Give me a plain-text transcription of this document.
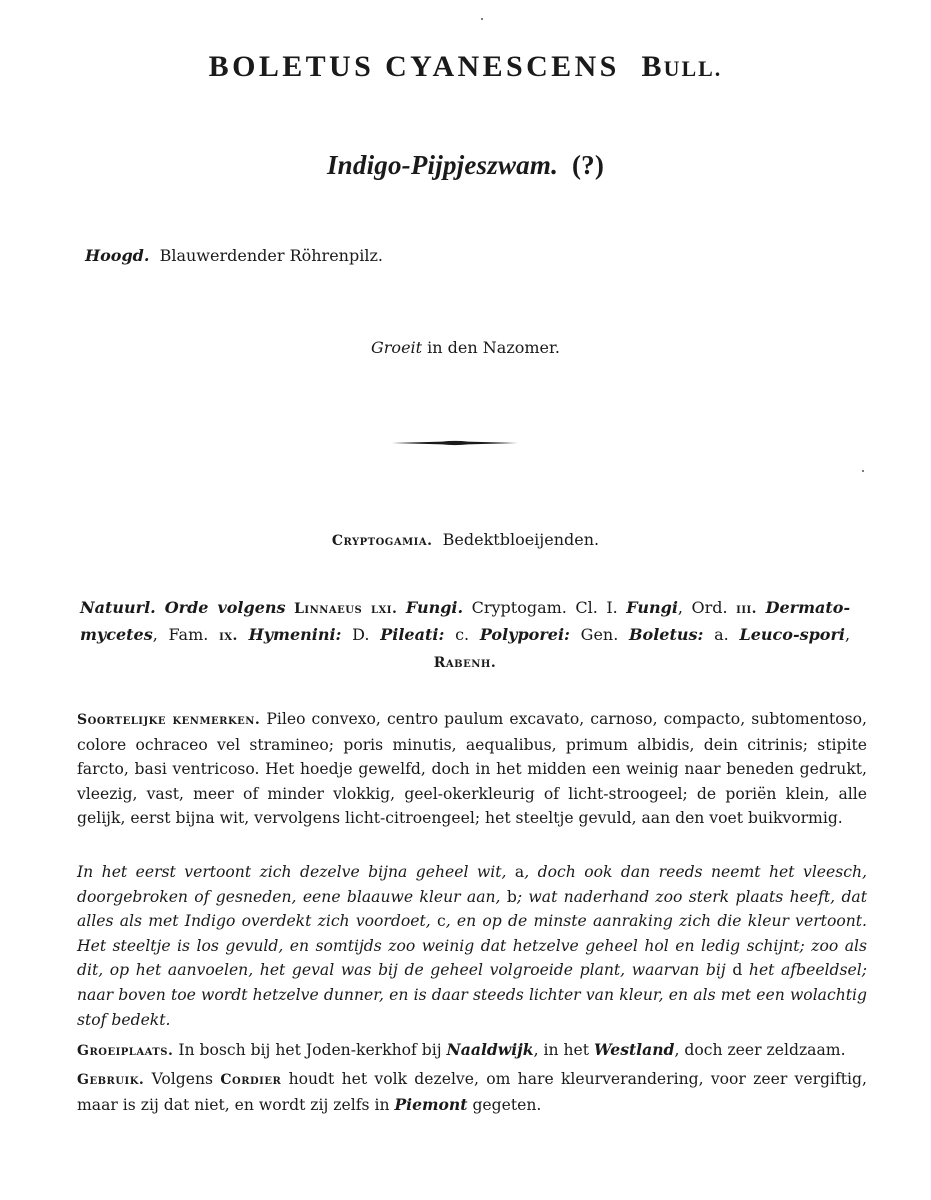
BOLETUS CYANESCENS BULL.
Indigo-Pijpjeszwam. (?)
Hoogd. Blauwerdender Röhrenpilz.
Groeit in den Nazomer.
Cryptogamia. Bedektbloeijenden.
Natuurl. Orde volgens Linnaeus lxi. Fungi. Cryptogam. Cl. I. Fungi, Ord. iii. Dermato-mycetes, Fam. ix. Hymenini: D. Pileati: c. Polyporei: Gen. Boletus: a. Leuco-spori, Rabenh.
Soortelijke kenmerken. Pileo convexo, centro paulum excavato, carnoso, compacto, subtomentoso, colore ochraceo vel stramineo; poris minutis, aequalibus, primum albidis, dein citrinis; stipite farcto, basi ventricoso. Het hoedje gewelfd, doch in het midden een weinig naar beneden gedrukt, vleezig, vast, meer of minder vlokkig, geel-okerkleurig of licht-stroogeel; de poriën klein, alle gelijk, eerst bijna wit, vervolgens licht-citroengeel; het steeltje gevuld, aan den voet buikvormig.
In het eerst vertoont zich dezelve bijna geheel wit, a, doch ook dan reeds neemt het vleesch, doorgebroken of gesneden, eene blaauwe kleur aan, b; wat naderhand zoo sterk plaats heeft, dat alles als met Indigo overdekt zich voordoet, c, en op de minste aanraking zich die kleur vertoont. Het steeltje is los gevuld, en somtijds zoo weinig dat hetzelve geheel hol en ledig schijnt; zoo als dit, op het aanvoelen, het geval was bij de geheel volgroeide plant, waarvan bij d het afbeeldsel; naar boven toe wordt hetzelve dunner, en is daar steeds lichter van kleur, en als met een wolachtig stof bedekt.
Groeiplaats. In bosch bij het Joden-kerkhof bij Naaldwijk, in het Westland, doch zeer zeldzaam.
Gebruik. Volgens Cordier houdt het volk dezelve, om hare kleurverandering, voor zeer vergiftig, maar is zij dat niet, en wordt zij zelfs in Piemont gegeten.
